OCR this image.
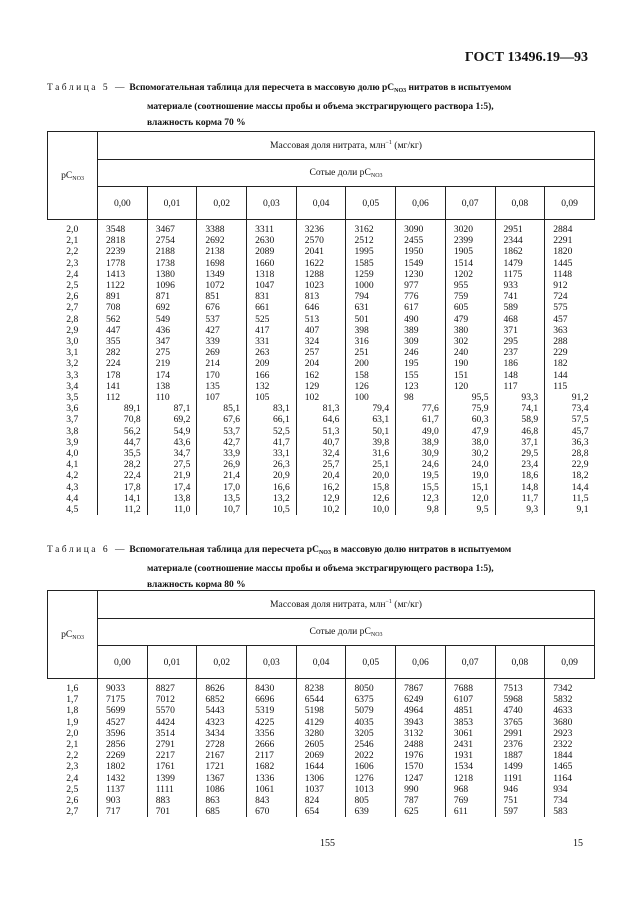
ГОСТ 13496.19—93
Таблица 5 — Вспомогательная таблица для пересчета в массовую долю $pC_{NO3}$ нитратов в испытуемом
материале (соотношение массы пробы и объема экстрагирующего раствора 1:5),
влажность корма 70 %
$pC_{NO3}$	Массовая доля нитрата, млн$^{-1}$ (мг/кг)									
	Сотые доли $pC_{NO3}$
	0,00	0,01	0,02	0,03	0,04	0,05	0,06	0,07	0,08	0,09
2,0	3548	3467	3388	3311	3236	3162	3090	3020	2951	2884
2,1	2818	2754	2692	2630	2570	2512	2455	2399	2344	2291
2,2	2239	2188	2138	2089	2041	1995	1950	1905	1862	1820
2,3	1778	1738	1698	1660	1622	1585	1549	1514	1479	1445
2,4	1413	1380	1349	1318	1288	1259	1230	1202	1175	1148
2,5	1122	1096	1072	1047	1023	1000	977	955	933	912
2,6	891	871	851	831	813	794	776	759	741	724
2,7	708	692	676	661	646	631	617	605	589	575
2,8	562	549	537	525	513	501	490	479	468	457
2,9	447	436	427	417	407	398	389	380	371	363
3,0	355	347	339	331	324	316	309	302	295	288
3,1	282	275	269	263	257	251	246	240	237	229
3,2	224	219	214	209	204	200	195	190	186	182
3,3	178	174	170	166	162	158	155	151	148	144
3,4	141	138	135	132	129	126	123	120	117	115
3,5	112	110	107	105	102	100	98	95,5	93,3	91,2
3,6	89,1	87,1	85,1	83,1	81,3	79,4	77,6	75,9	74,1	73,4
3,7	70,8	69,2	67,6	66,1	64,6	63,1	61,7	60,3	58,9	57,5
3,8	56,2	54,9	53,7	52,5	51,3	50,1	49,0	47,9	46,8	45,7
3,9	44,7	43,6	42,7	41,7	40,7	39,8	38,9	38,0	37,1	36,3
4,0	35,5	34,7	33,9	33,1	32,4	31,6	30,9	30,2	29,5	28,8
4,1	28,2	27,5	26,9	26,3	25,7	25,1	24,6	24,0	23,4	22,9
4,2	22,4	21,9	21,4	20,9	20,4	20,0	19,5	19,0	18,6	18,2
4,3	17,8	17,4	17,0	16,6	16,2	15,8	15,5	15,1	14,8	14,4
4,4	14,1	13,8	13,5	13,2	12,9	12,6	12,3	12,0	11,7	11,5
4,5	11,2	11,0	10,7	10,5	10,2	10,0	9,8	9,5	9,3	9,1
Таблица 6 — Вспомогательная таблица для пересчета $pC_{NO3}$ в массовую долю нитратов в испытуемом
материале (соотношение массы пробы и объема экстрагирующего раствора 1:5),
влажность корма 80 %
$pC_{NO3}$	Массовая доля нитрата, млн$^{-1}$ (мг/кг)									
	Сотые доли $pC_{NO3}$
	0,00	0,01	0,02	0,03	0,04	0,05	0,06	0,07	0,08	0,09
1,6	9033	8827	8626	8430	8238	8050	7867	7688	7513	7342
1,7	7175	7012	6852	6696	6544	6375	6249	6107	5968	5832
1,8	5699	5570	5443	5319	5198	5079	4964	4851	4740	4633
1,9	4527	4424	4323	4225	4129	4035	3943	3853	3765	3680
2,0	3596	3514	3434	3356	3280	3205	3132	3061	2991	2923
2,1	2856	2791	2728	2666	2605	2546	2488	2431	2376	2322
2,2	2269	2217	2167	2117	2069	2022	1976	1931	1887	1844
2,3	1802	1761	1721	1682	1644	1606	1570	1534	1499	1465
2,4	1432	1399	1367	1336	1306	1276	1247	1218	1191	1164
2,5	1137	1111	1086	1061	1037	1013	990	968	946	934
2,6	903	883	863	843	824	805	787	769	751	734
2,7	717	701	685	670	654	639	625	611	597	583
155	15
